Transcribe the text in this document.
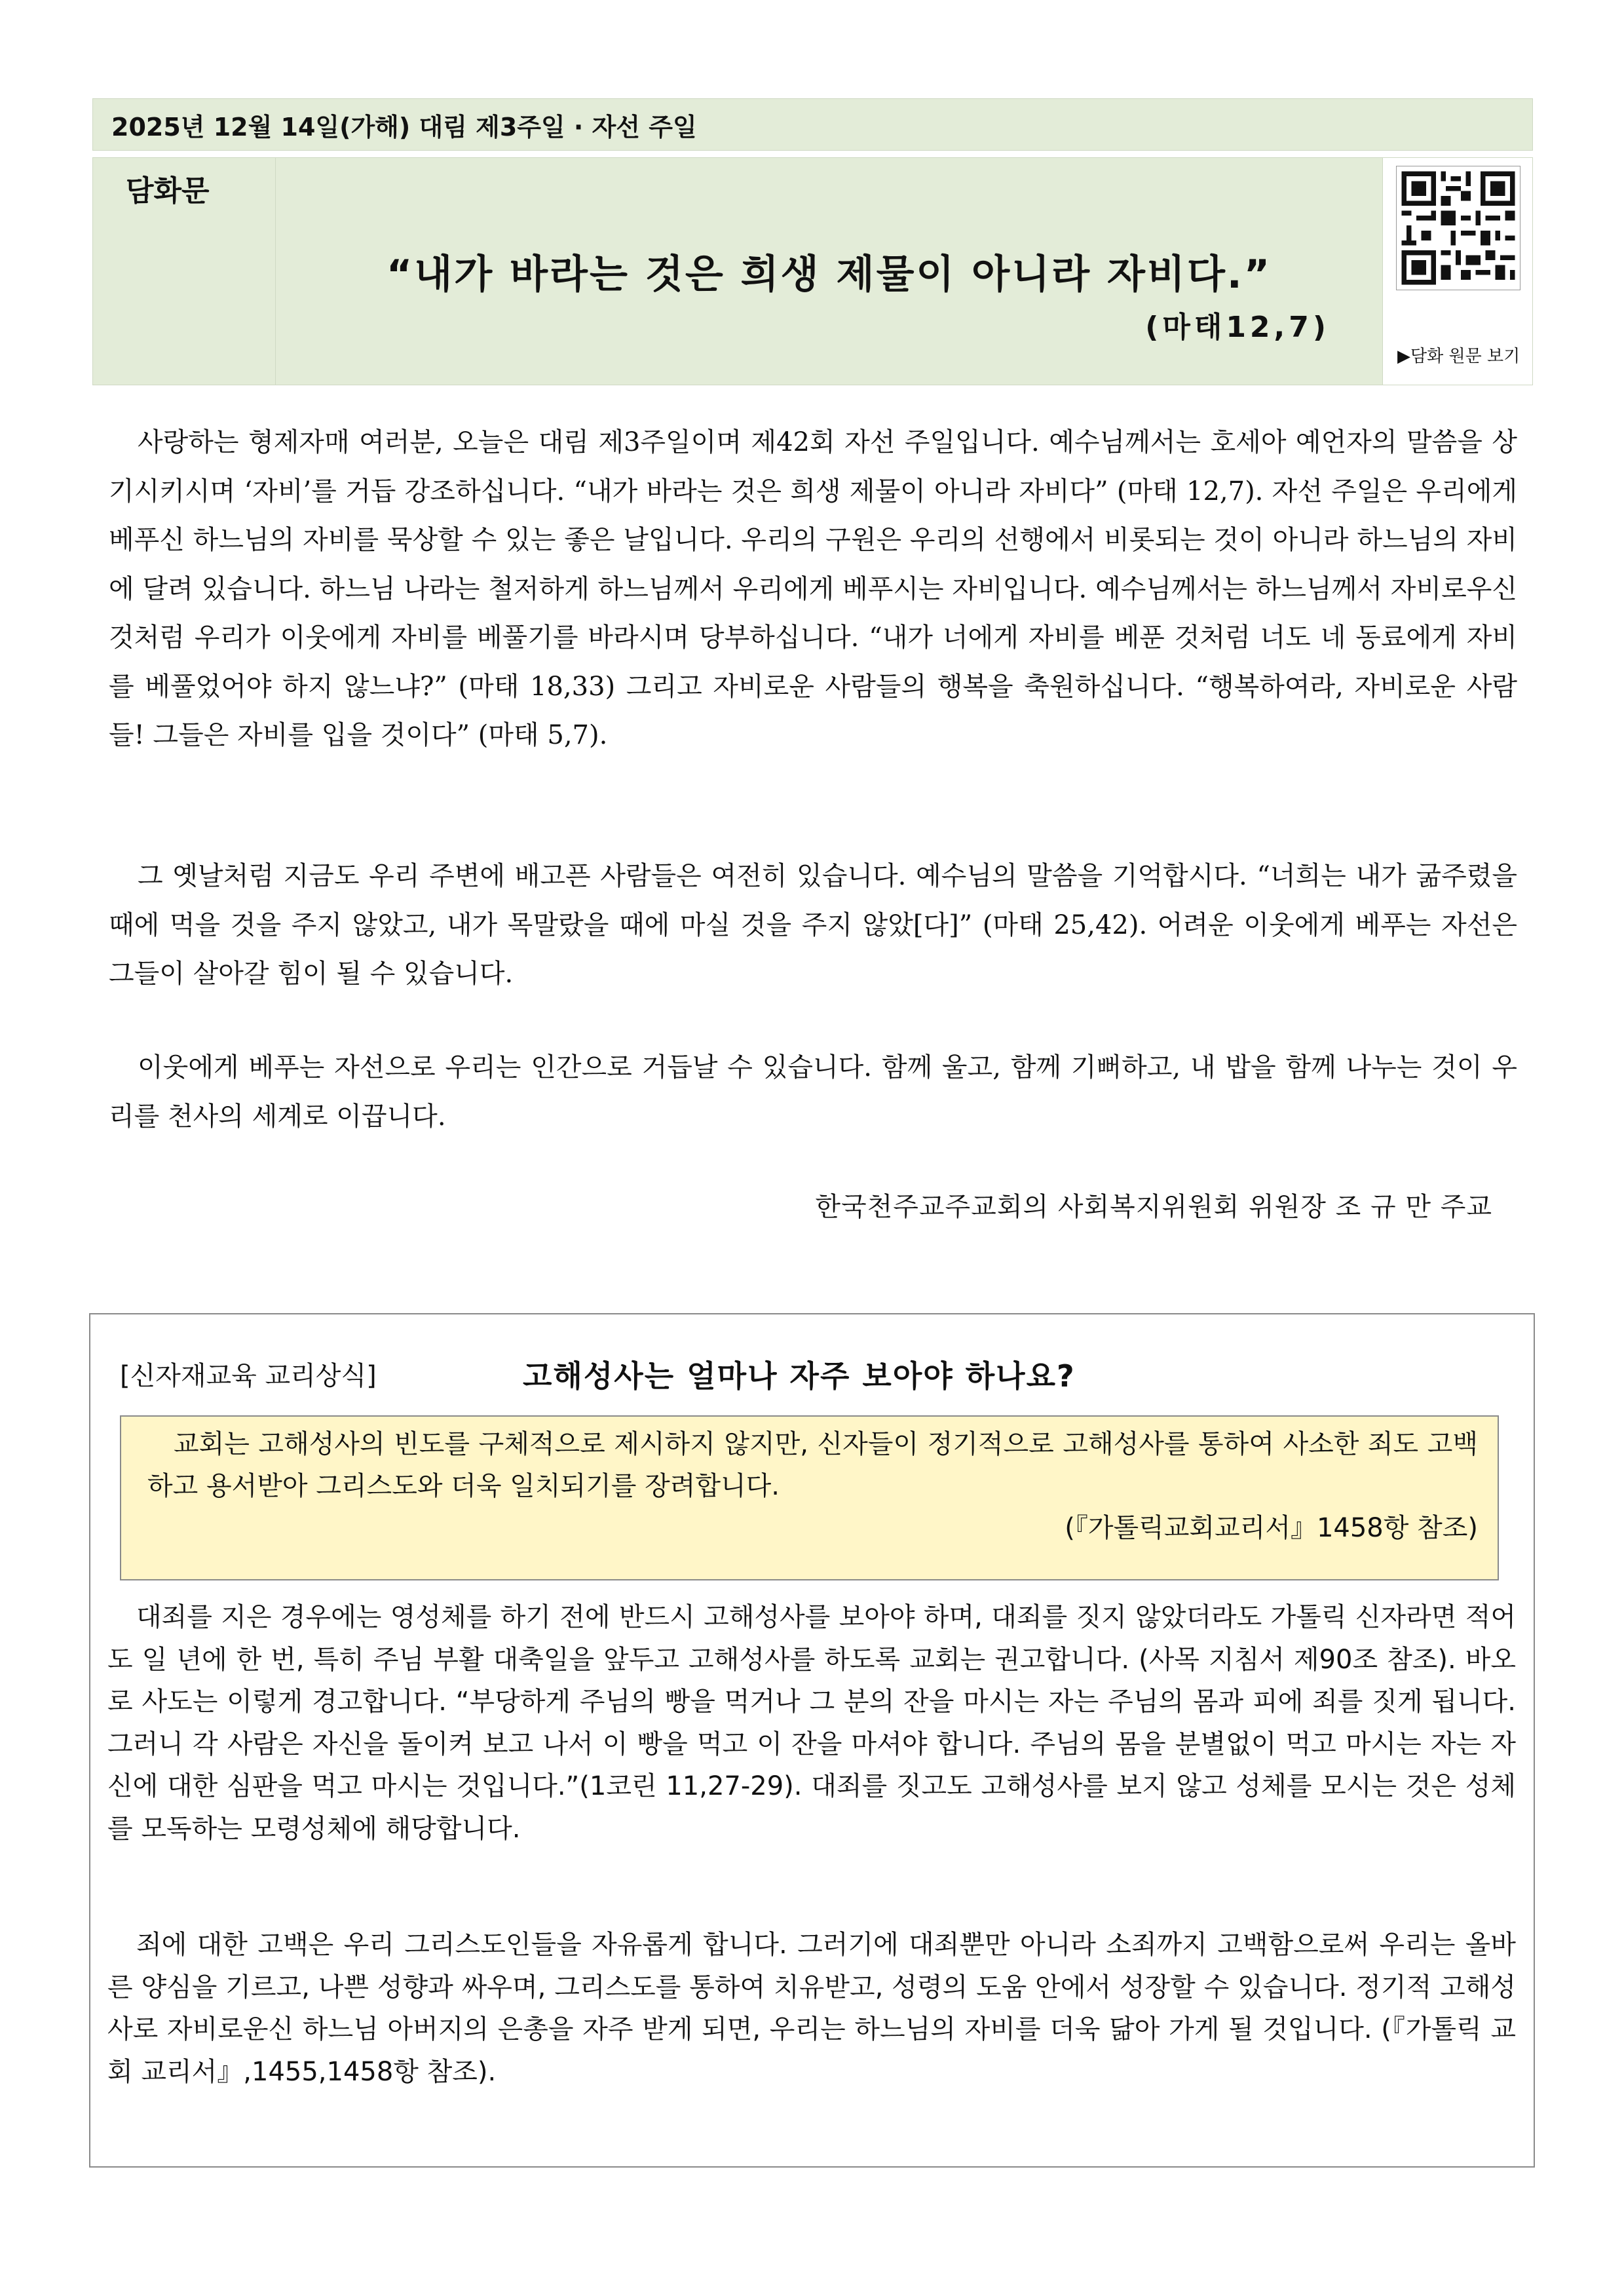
2025년 12월 14일(가해) 대림 제3주일 · 자선 주일
담화문
“내가 바라는 것은 희생 제물이 아니라 자비다.”
(마태12,7)
▶담화 원문 보기
사랑하는 형제자매 여러분, 오늘은 대림 제3주일이며 제42회 자선 주일입니다. 예수님께서는 호세아 예언자의 말씀을 상기시키시며 ‘자비’를 거듭 강조하십니다. “내가 바라는 것은 희생 제물이 아니라 자비다” (마태 12,7). 자선 주일은 우리에게 베푸신 하느님의 자비를 묵상할 수 있는 좋은 날입니다. 우리의 구원은 우리의 선행에서 비롯되는 것이 아니라 하느님의 자비에 달려 있습니다. 하느님 나라는 철저하게 하느님께서 우리에게 베푸시는 자비입니다. 예수님께서는 하느님께서 자비로우신 것처럼 우리가 이웃에게 자비를 베풀기를 바라시며 당부하십니다. “내가 너에게 자비를 베푼 것처럼 너도 네 동료에게 자비를 베풀었어야 하지 않느냐?” (마태 18,33) 그리고 자비로운 사람들의 행복을 축원하십니다. “행복하여라, 자비로운 사람들! 그들은 자비를 입을 것이다” (마태 5,7).
그 옛날처럼 지금도 우리 주변에 배고픈 사람들은 여전히 있습니다. 예수님의 말씀을 기억합시다. “너희는 내가 굶주렸을 때에 먹을 것을 주지 않았고, 내가 목말랐을 때에 마실 것을 주지 않았[다]” (마태 25,42). 어려운 이웃에게 베푸는 자선은 그들이 살아갈 힘이 될 수 있습니다.
이웃에게 베푸는 자선으로 우리는 인간으로 거듭날 수 있습니다. 함께 울고, 함께 기뻐하고, 내 밥을 함께 나누는 것이 우리를 천사의 세계로 이끕니다.
한국천주교주교회의 사회복지위원회 위원장 조 규 만 주교
[신자재교육 교리상식]	고해성사는 얼마나 자주 보아야 하나요?
교회는 고해성사의 빈도를 구체적으로 제시하지 않지만, 신자들이 정기적으로 고해성사를 통하여 사소한 죄도 고백하고 용서받아 그리스도와 더욱 일치되기를 장려합니다.
(『가톨릭교회교리서』1458항 참조)
대죄를 지은 경우에는 영성체를 하기 전에 반드시 고해성사를 보아야 하며, 대죄를 짓지 않았더라도 가톨릭 신자라면 적어도 일 년에 한 번, 특히 주님 부활 대축일을 앞두고 고해성사를 하도록 교회는 권고합니다. (사목 지침서 제90조 참조). 바오로 사도는 이렇게 경고합니다. “부당하게 주님의 빵을 먹거나 그 분의 잔을 마시는 자는 주님의 몸과 피에 죄를 짓게 됩니다. 그러니 각 사람은 자신을 돌이켜 보고 나서 이 빵을 먹고 이 잔을 마셔야 합니다. 주님의 몸을 분별없이 먹고 마시는 자는 자신에 대한 심판을 먹고 마시는 것입니다.”(1코린 11,27-29). 대죄를 짓고도 고해성사를 보지 않고 성체를 모시는 것은 성체를 모독하는 모령성체에 해당합니다.
죄에 대한 고백은 우리 그리스도인들을 자유롭게 합니다. 그러기에 대죄뿐만 아니라 소죄까지 고백함으로써 우리는 올바른 양심을 기르고, 나쁜 성향과 싸우며, 그리스도를 통하여 치유받고, 성령의 도움 안에서 성장할 수 있습니다. 정기적 고해성사로 자비로운신 하느님 아버지의 은총을 자주 받게 되면, 우리는 하느님의 자비를 더욱 닮아 가게 될 것입니다. (『가톨릭 교회 교리서』,1455,1458항 참조).
